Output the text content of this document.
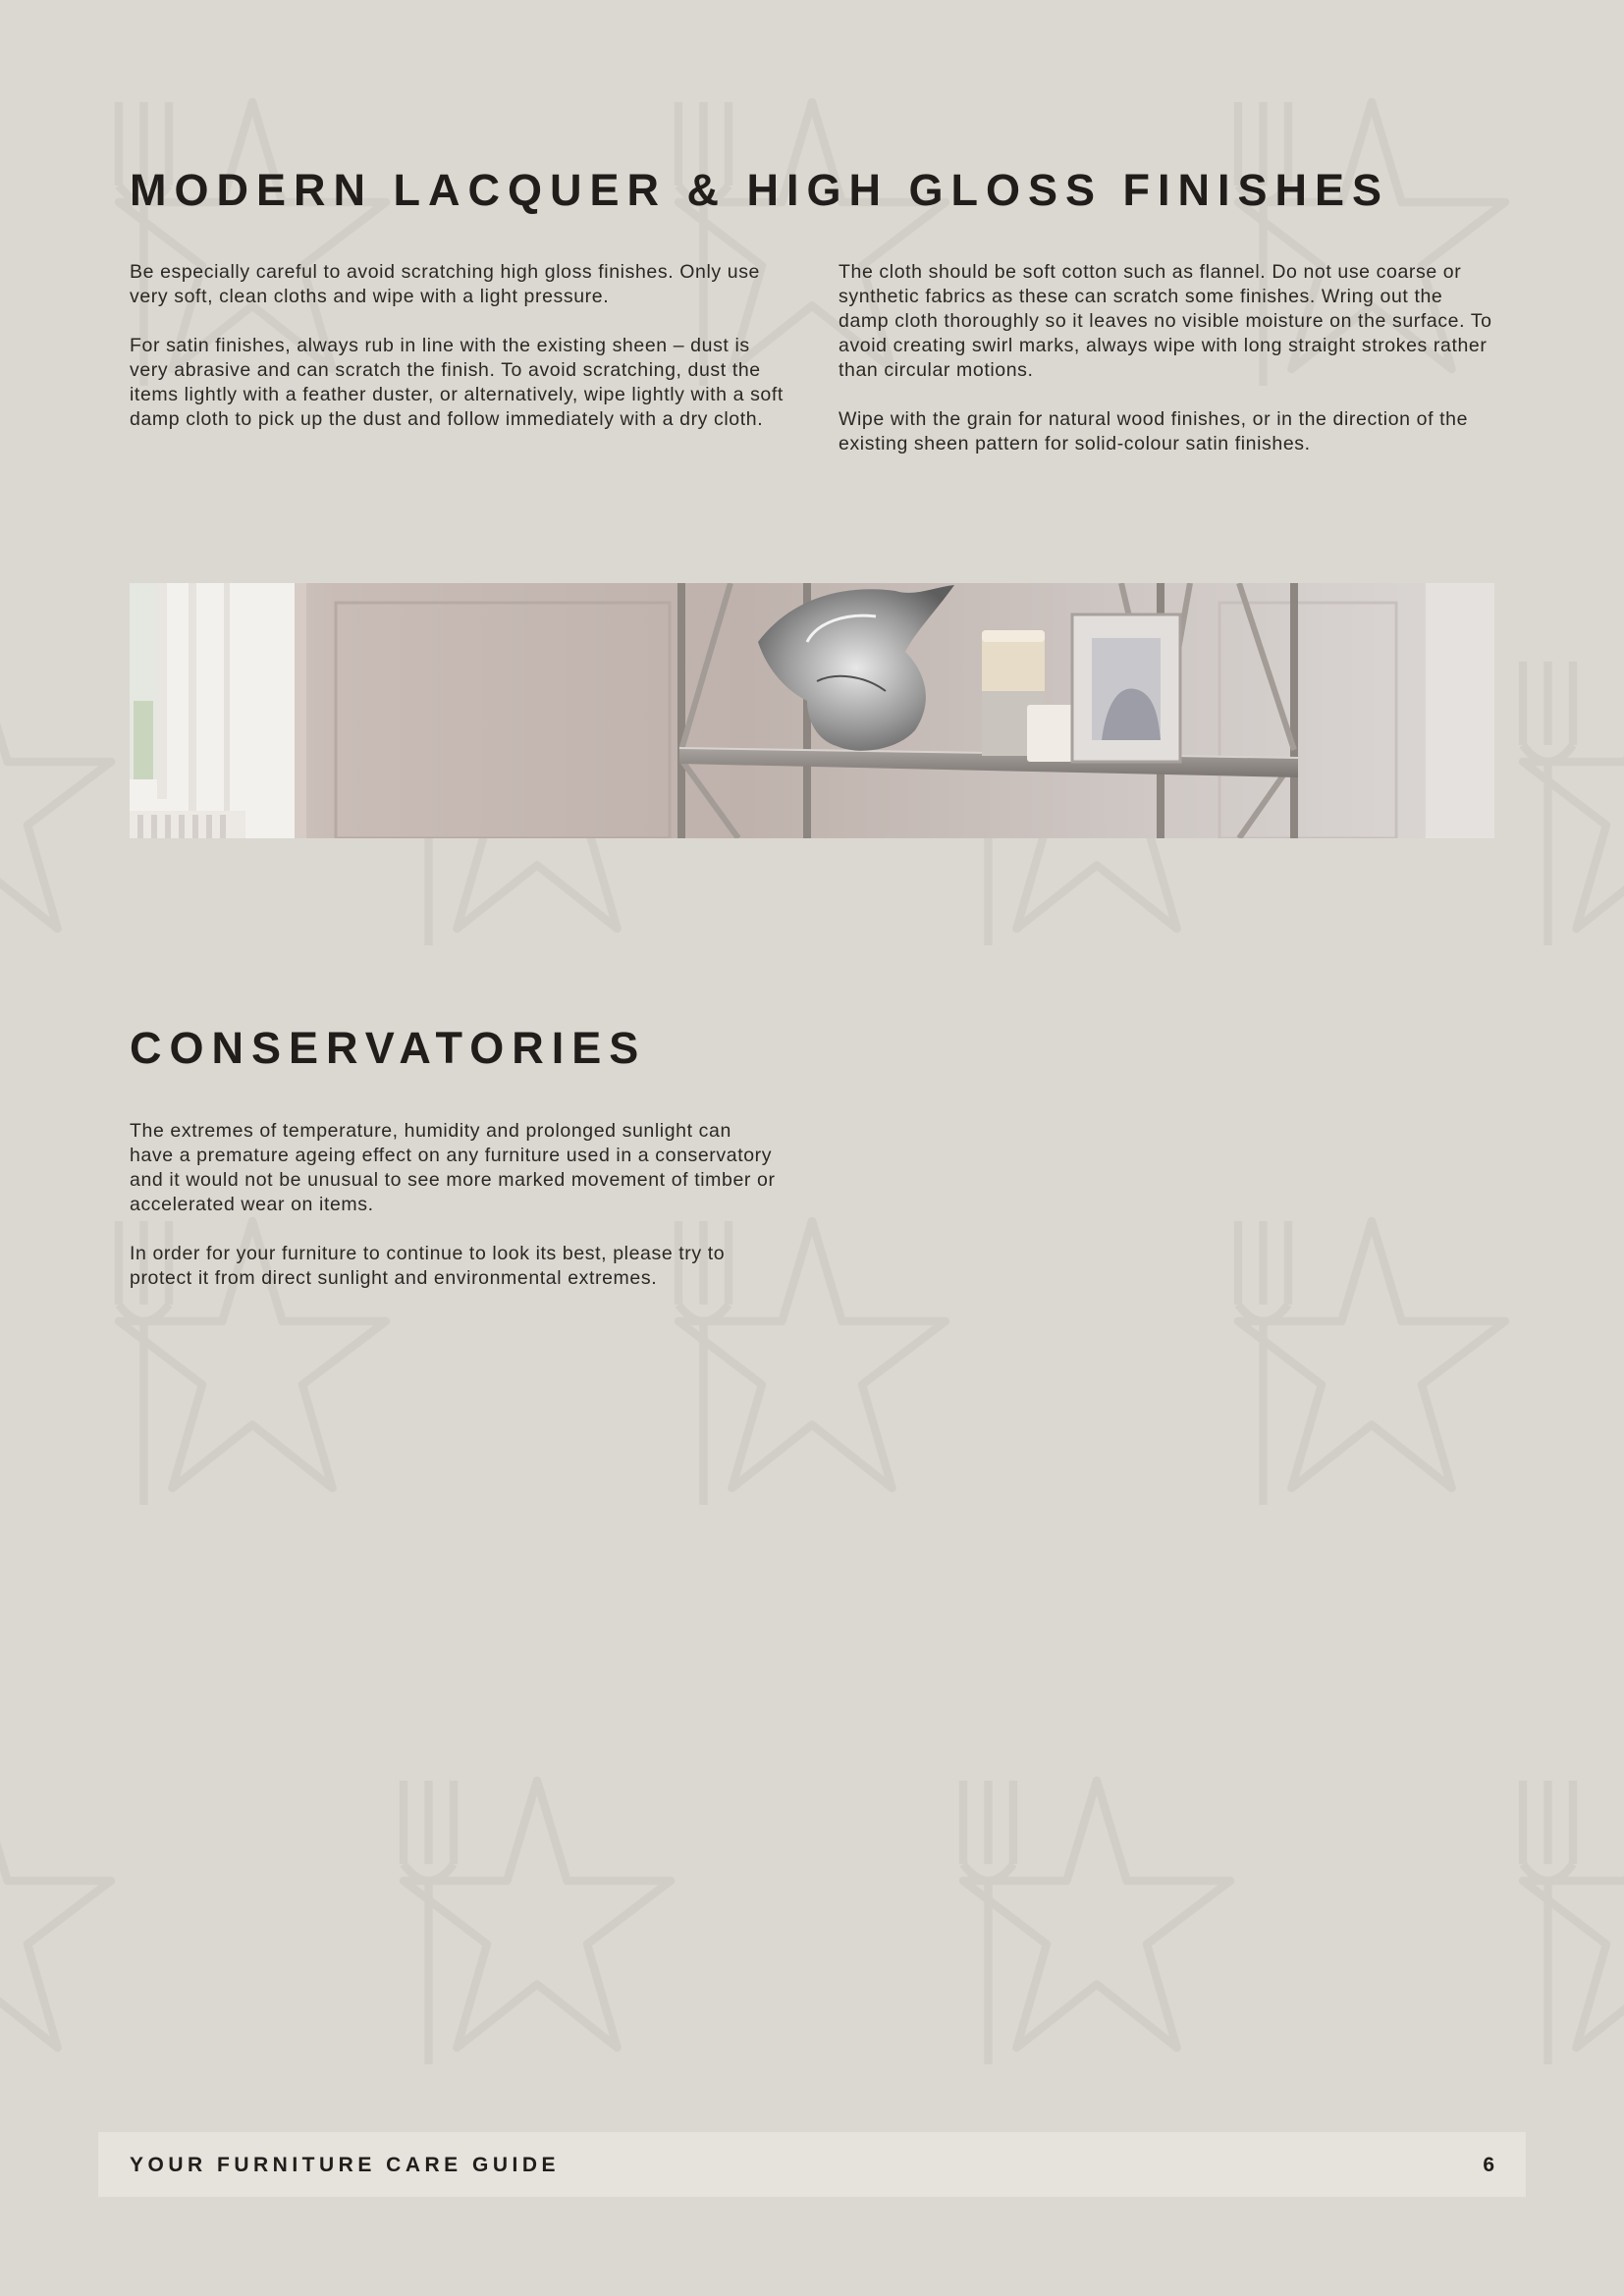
MODERN LACQUER & HIGH GLOSS FINISHES

Be especially careful to avoid scratching high gloss finishes. Only use very soft, clean cloths and wipe with a light pressure.

For satin finishes, always rub in line with the existing sheen – dust is very abrasive and can scratch the finish. To avoid scratching, dust the items lightly with a feather duster, or alternatively, wipe lightly with a soft damp cloth to pick up the dust and follow immediately with a dry cloth.

The cloth should be soft cotton such as flannel. Do not use coarse or synthetic fabrics as these can scratch some finishes. Wring out the damp cloth thoroughly so it leaves no visible moisture on the surface. To avoid creating swirl marks, always wipe with long straight strokes rather than circular motions.

Wipe with the grain for natural wood finishes, or in the direction of the existing sheen pattern for solid-colour satin finishes.

CONSERVATORIES

The extremes of temperature, humidity and prolonged sunlight can have a premature ageing effect on any furniture used in a conservatory and it would not be unusual to see more marked movement of timber or accelerated wear on items.

In order for your furniture to continue to look its best, please try to protect it from direct sunlight and environmental extremes.

YOUR FURNITURE CARE GUIDE	6
